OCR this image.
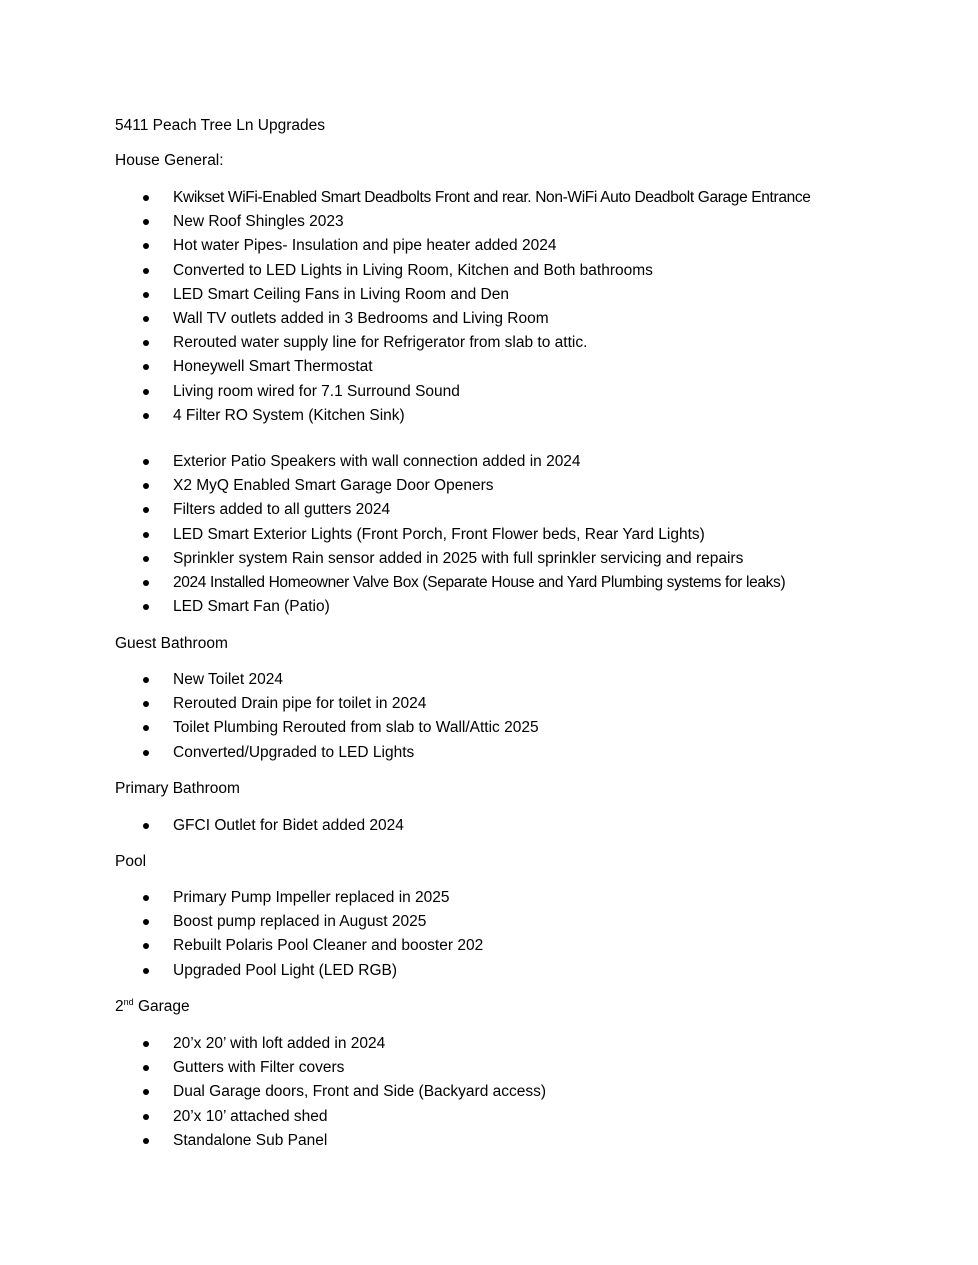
5411 Peach Tree Ln Upgrades
House General:
Kwikset WiFi-Enabled Smart Deadbolts Front and rear. Non-WiFi Auto Deadbolt Garage Entrance
New Roof Shingles 2023
Hot water Pipes- Insulation and pipe heater added 2024
Converted to LED Lights in Living Room, Kitchen and Both bathrooms
LED Smart Ceiling Fans in Living Room and Den
Wall TV outlets added in 3 Bedrooms and Living Room
Rerouted water supply line for Refrigerator from slab to attic.
Honeywell Smart Thermostat
Living room wired for 7.1 Surround Sound
4 Filter RO System (Kitchen Sink)
Exterior Patio Speakers with wall connection added in 2024
X2 MyQ Enabled Smart Garage Door Openers
Filters added to all gutters 2024
LED Smart Exterior Lights (Front Porch, Front Flower beds, Rear Yard Lights)
Sprinkler system Rain sensor added in 2025 with full sprinkler servicing and repairs
2024 Installed Homeowner Valve Box (Separate House and Yard Plumbing systems for leaks)
LED Smart Fan (Patio)
Guest Bathroom
New Toilet 2024
Rerouted Drain pipe for toilet in 2024
Toilet Plumbing Rerouted from slab to Wall/Attic 2025
Converted/Upgraded to LED Lights
Primary Bathroom
GFCI Outlet for Bidet added 2024
Pool
Primary Pump Impeller replaced in 2025
Boost pump replaced in August 2025
Rebuilt Polaris Pool Cleaner and booster 202
Upgraded Pool Light (LED RGB)
2nd Garage
20’x 20’ with loft added in 2024
Gutters with Filter covers
Dual Garage doors, Front and Side (Backyard access)
20’x 10’ attached shed
Standalone Sub Panel
